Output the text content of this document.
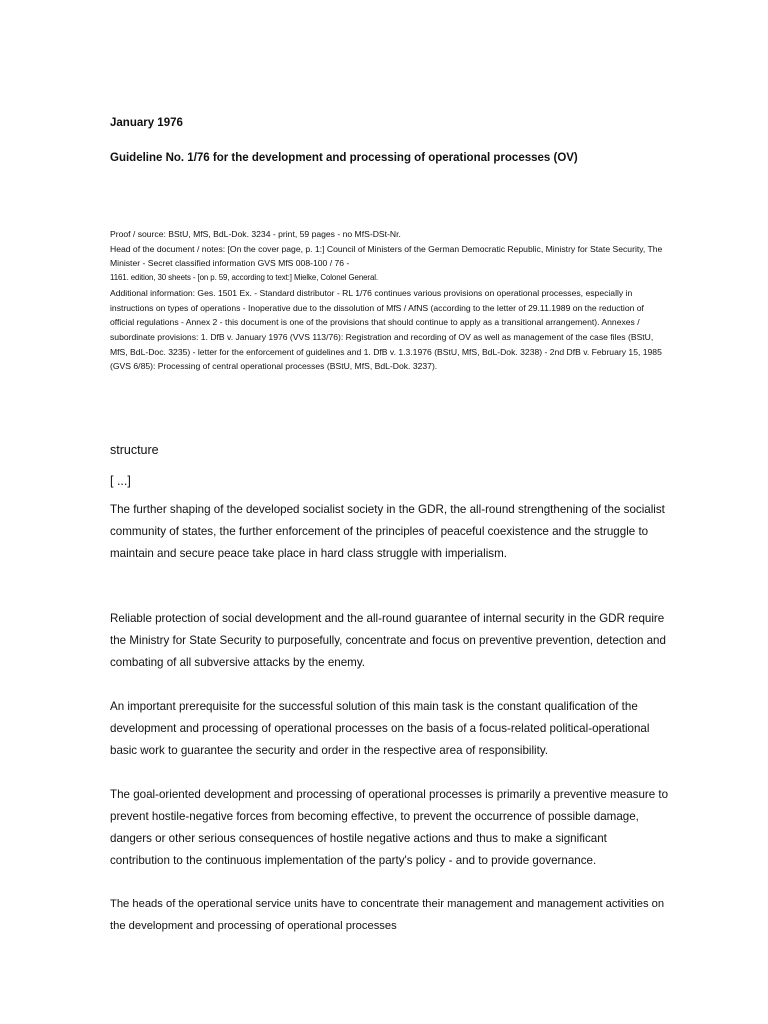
January 1976
Guideline No. 1/76 for the development and processing of operational processes (OV)

Proof / source: BStU, MfS, BdL-Dok. 3234 - print, 59 pages - no MfS-DSt-Nr.

Head of the document / notes: [On the cover page, p. 1:] Council of Ministers of the German Democratic Republic, Ministry for State Security, The Minister - Secret classified information GVS MfS 008-100 / 76 -

1161. edition, 30 sheets - [on p. 59, according to text:] Mielke, Colonel General.

Additional information: Ges. 1501 Ex. - Standard distributor - RL 1/76 continues various provisions on operational processes, especially in instructions on types of operations - Inoperative due to the dissolution of MfS / AfNS (according to the letter of 29.11.1989 on the reduction of official regulations - Annex 2 - this document is one of the provisions that should continue to apply as a transitional arrangement). Annexes / subordinate provisions: 1. DfB v. January 1976 (VVS 113/76): Registration and recording of OV as well as management of the case files (BStU, MfS, BdL-Doc. 3235) - letter for the enforcement of guidelines and 1. DfB v. 1.3.1976 (BStU, MfS, BdL-Dok. 3238) - 2nd DfB v. February 15, 1985 (GVS 6/85): Processing of central operational processes (BStU, MfS, BdL-Dok. 3237).

structure
[ ...]

The further shaping of the developed socialist society in the GDR, the all-round strengthening of the socialist community of states, the further enforcement of the principles of peaceful coexistence and the struggle to maintain and secure peace take place in hard class struggle with imperialism.

Reliable protection of social development and the all-round guarantee of internal security in the GDR require the Ministry for State Security to purposefully, concentrate and focus on preventive prevention, detection and combating of all subversive attacks by the enemy.

An important prerequisite for the successful solution of this main task is the constant qualification of the development and processing of operational processes on the basis of a focus-related political-operational basic work to guarantee the security and order in the respective area of responsibility.

The goal-oriented development and processing of operational processes is primarily a preventive measure to prevent hostile-negative forces from becoming effective, to prevent the occurrence of possible damage, dangers or other serious consequences of hostile negative actions and thus to make a significant contribution to the continuous implementation of the party's policy - and to provide governance.

The heads of the operational service units have to concentrate their management and management activities on the development and processing of operational processes
